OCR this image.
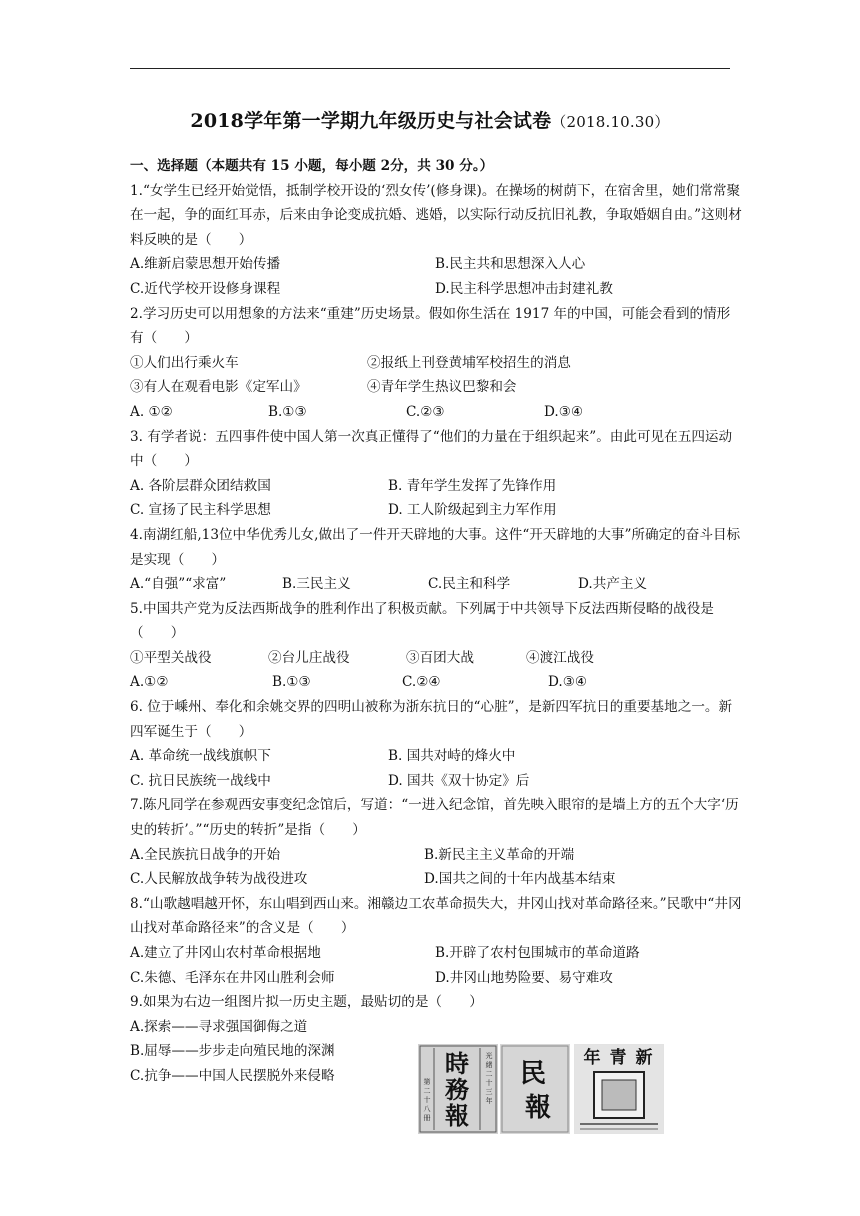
2018学年第一学期九年级历史与社会试卷（2018.10.30）
一、选择题（本题共有 15 小题，每小题 2分，共 30 分。）
1.“女学生已经开始觉悟，抵制学校开设的‘烈女传’(修身课)。在操场的树荫下，在宿舍里，她们常常聚在一起，争的面红耳赤，后来由争论变成抗婚、逃婚，以实际行动反抗旧礼教，争取婚姻自由。”这则材料反映的是（　　）
A.维新启蒙思想开始传播	B.民主共和思想深入人心
C.近代学校开设修身课程	D.民主科学思想冲击封建礼教
2.学习历史可以用想象的方法来“重建”历史场景。假如你生活在 1917 年的中国，可能会看到的情形有（　　）
①人们出行乘火车	②报纸上刊登黄埔军校招生的消息
③有人在观看电影《定军山》	④青年学生热议巴黎和会
A. ①②	B.①③	C.②③	D.③④
3. 有学者说：五四事件使中国人第一次真正懂得了“他们的力量在于组织起来”。由此可见在五四运动中（　　）
A. 各阶层群众团结救国	B. 青年学生发挥了先锋作用
C. 宣扬了民主科学思想	D. 工人阶级起到主力军作用
4.南湖红船,13位中华优秀儿女,做出了一件开天辟地的大事。这件“开天辟地的大事”所确定的奋斗目标是实现（　　）
A.“自强”“求富”	B.三民主义	C.民主和科学	D.共产主义
5.中国共产党为反法西斯战争的胜利作出了积极贡献。下列属于中共领导下反法西斯侵略的战役是（　　）
①平型关战役	②台儿庄战役	③百团大战	④渡江战役
A.①②	B.①③	C.②④	D.③④
6. 位于嵊州、奉化和余姚交界的四明山被称为浙东抗日的“心脏”，是新四军抗日的重要基地之一。新四军诞生于（　　）
A. 革命统一战线旗帜下	B. 国共对峙的烽火中
C. 抗日民族统一战线中	D. 国共《双十协定》后
7.陈凡同学在参观西安事变纪念馆后，写道：“一进入纪念馆，首先映入眼帘的是墙上方的五个大字‘历史的转折’。”“历史的转折”是指（　　）
A.全民族抗日战争的开始	B.新民主主义革命的开端
C.人民解放战争转为战役进攻	D.国共之间的十年内战基本结束
8.“山歌越唱越开怀，东山唱到西山来。湘赣边工农革命损失大，井冈山找对革命路径来。”民歌中“井冈山找对革命路径来”的含义是（　　）
A.建立了井冈山农村革命根据地	B.开辟了农村包围城市的革命道路
C.朱德、毛泽东在井冈山胜利会师	D.井冈山地势险要、易守难攻
9.如果为右边一组图片拟一历史主题，最贴切的是（　　）
A.探索——寻求强国御侮之道
B.屈辱——步步走向殖民地的深渊
C.抗争——中国人民摆脱外来侵略	時
務
報
光
緒
二
十
三
年
第
二
十
八
冊
民
報
年 青 新
